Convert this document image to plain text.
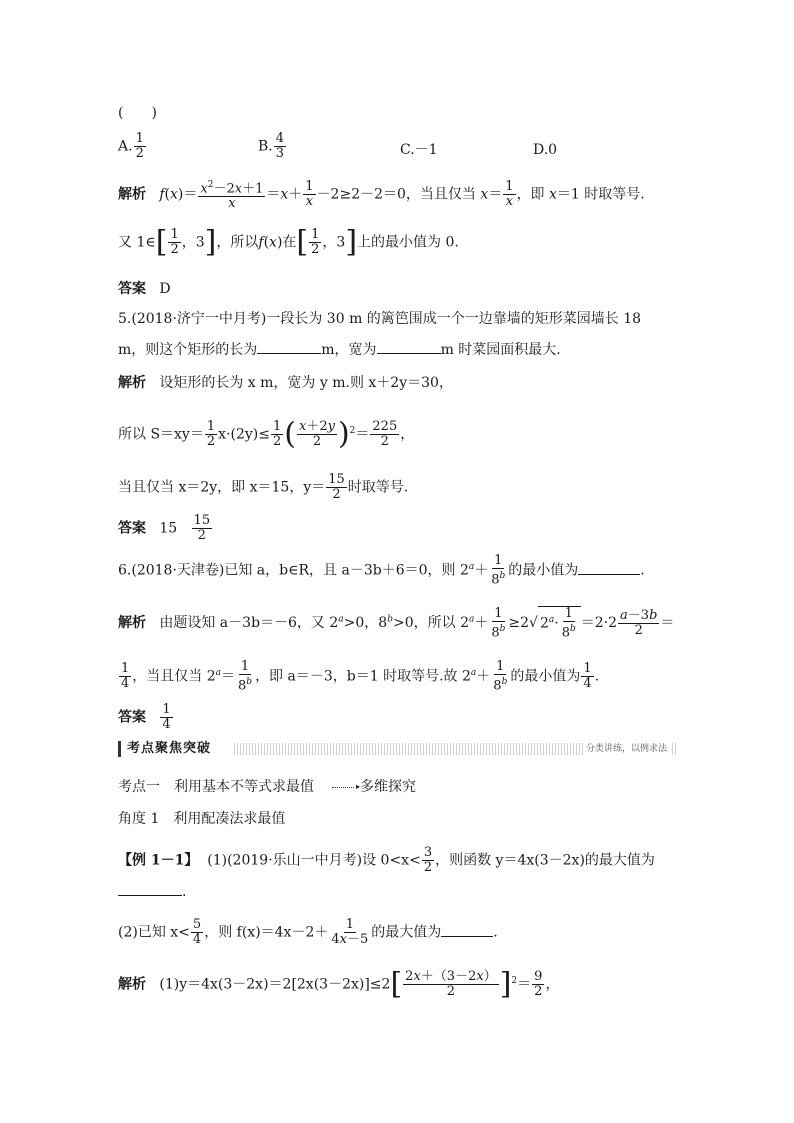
(　　)
A. $\frac{1}{2}$	B. $\frac{4}{3}$	C.－1	D.0
解析 $f(x)= \frac{x^2-2x+1}{x} =x+ \frac{1}{x} -2\ge 2-2=0$，当且仅当 $x= \frac{1}{x}$ ，即 x＝1 时取等号.
又 1∈[ $\frac{1}{2}$ ，3]，所以f(x)在[ $\frac{1}{2}$ ，3]上的最小值为 0.
答案 D
5.(2018·济宁一中月考)一段长为 30 m 的篱笆围成一个一边靠墙的矩形菜园墙长 18
m，则这个矩形的长为	m，宽为	m 时菜园面积最大.
解析 设矩形的长为 x m，宽为 y m.则 x＋2y＝30，
所以 $S=xy= \frac{1}{2} x\cdot(2y)\le \frac{1}{2}$ ( $\frac{x+2y}{2} )^2= \frac{225}{2}$ ，
当且仅当 x＝2y，即 x＝15，$y= \frac{15}{2}$ 时取等号.
答案 $15 \frac{15}{2}$
6.(2018·天津卷)已知 a，b∈R，且 a－3b＋6＝0，则 $2^a+ \frac{1}{8^b}$ 的最小值为	.
解析 由题设知 a－3b＝－6，又 $2^a>0$，$8^b>0$，所以 $2^a+ \frac{1}{8^b} \ge 2√$ $2^a\cdot \frac{1}{8^b} =2\cdot 2 \frac{a-3b}{2}$ ＝
$\frac{1}{4}$ ，当且仅当 $2^a= \frac{1}{8^b}$ ，即 a＝－3，b＝1 时取等号.故 $2^a+ \frac{1}{8^b}$ 的最小值为 $\frac{1}{4}$ .
答案 $\frac{1}{4}$
考点聚焦突破	分类讲练，以例求法
考点一　利用基本不等式求最值	▸多维探究
角度 1　利用配凑法求最值
【例 1－1】 (1)(2019·乐山一中月考)设 $0<x< \frac{3}{2}$ ，则函数 y＝4x(3－2x)的最大值为
.
(2)已知 $x< \frac{5}{4}$ ，则 $f(x)=4x-2+ \frac{1}{4x-5}$ 的最大值为	.
解析 $(1)y=4x(3-2x)=2[2x(3-2x)]\le 2[ \frac{2x+(3-2x)}{2} ]^2= \frac{9}{2}$ ，
